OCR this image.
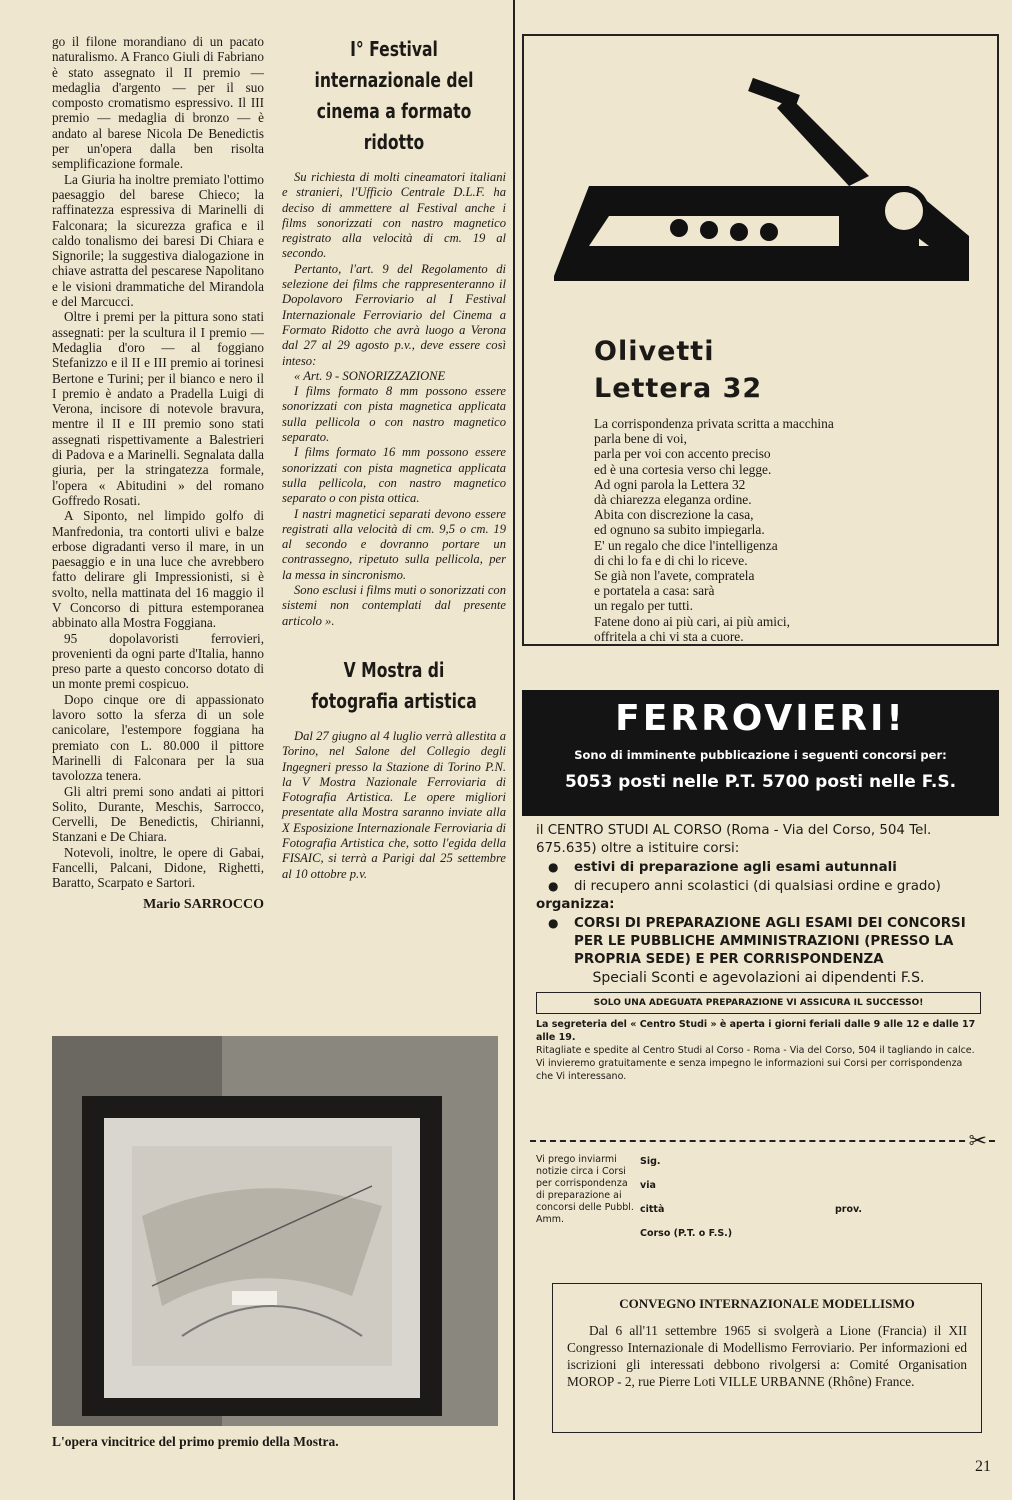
go il filone morandiano di un pacato naturalismo. A Franco Giuli di Fabriano è stato assegnato il II premio — medaglia d'argento — per il suo composto cromatismo espressivo. Il III premio — medaglia di bronzo — è andato al barese Nicola De Benedictis per un'opera dalla ben risolta semplificazione formale.

La Giuria ha inoltre premiato l'ottimo paesaggio del barese Chieco; la raffinatezza espressiva di Marinelli di Falconara; la sicurezza grafica e il caldo tonalismo dei baresi Di Chiara e Signorile; la suggestiva dialogazione in chiave astratta del pescarese Napolitano e le visioni drammatiche del Mirandola e del Marcucci.

Oltre i premi per la pittura sono stati assegnati: per la scultura il I premio — Medaglia d'oro — al foggiano Stefanizzo e il II e III premio ai torinesi Bertone e Turini; per il bianco e nero il I premio è andato a Pradella Luigi di Verona, incisore di notevole bravura, mentre il II e III premio sono stati assegnati rispettivamente a Balestrieri di Padova e a Marinelli. Segnalata dalla giuria, per la stringatezza formale, l'opera « Abitudini » del romano Goffredo Rosati.

A Siponto, nel limpido golfo di Manfredonia, tra contorti ulivi e balze erbose digradanti verso il mare, in un paesaggio e in una luce che avrebbero fatto delirare gli Impressionisti, si è svolto, nella mattinata del 16 maggio il V Concorso di pittura estemporanea abbinato alla Mostra Foggiana.

95 dopolavoristi ferrovieri, provenienti da ogni parte d'Italia, hanno preso parte a questo concorso dotato di un monte premi cospicuo.

Dopo cinque ore di appassionato lavoro sotto la sferza di un sole canicolare, l'estempore foggiana ha premiato con L. 80.000 il pittore Marinelli di Falconara per la sua tavolozza tenera.

Gli altri premi sono andati ai pittori Solito, Durante, Meschis, Sarrocco, Cervelli, De Benedictis, Chirianni, Stanzani e De Chiara.

Notevoli, inoltre, le opere di Gabai, Fancelli, Palcani, Didone, Righetti, Baratto, Scarpato e Sartori.

Mario SARROCCO
I° Festival internazionale del cinema a formato ridotto

Su richiesta di molti cineamatori italiani e stranieri, l'Ufficio Centrale D.L.F. ha deciso di ammettere al Festival anche i films sonorizzati con nastro magnetico registrato alla velocità di cm. 19 al secondo.

Pertanto, l'art. 9 del Regolamento di selezione dei films che rappresenteranno il Dopolavoro Ferroviario al I Festival Internazionale Ferroviario del Cinema a Formato Ridotto che avrà luogo a Verona dal 27 al 29 agosto p.v., deve essere così inteso:

« Art. 9 - SONORIZZAZIONE

I films formato 8 mm possono essere sonorizzati con pista magnetica applicata sulla pellicola o con nastro magnetico separato.

I films formato 16 mm possono essere sonorizzati con pista magnetica applicata sulla pellicola, con nastro magnetico separato o con pista ottica.

I nastri magnetici separati devono essere registrati alla velocità di cm. 9,5 o cm. 19 al secondo e dovranno portare un contrassegno, ripetuto sulla pellicola, per la messa in sincronismo.

Sono esclusi i films muti o sonorizzati con sistemi non contemplati dal presente articolo ».

V Mostra di fotografia artistica

Dal 27 giugno al 4 luglio verrà allestita a Torino, nel Salone del Collegio degli Ingegneri presso la Stazione di Torino P.N. la V Mostra Nazionale Ferroviaria di Fotografia Artistica. Le opere migliori presentate alla Mostra saranno inviate alla X Esposizione Internazionale Ferroviaria di Fotografia Artistica che, sotto l'egida della FISAIC, si terrà a Parigi dal 25 settembre al 10 ottobre p.v.

Olivetti
Lettera 32
La corrispondenza privata scritta a macchina
parla bene di voi,
parla per voi con accento preciso
ed è una cortesia verso chi legge.
Ad ogni parola la Lettera 32
dà chiarezza eleganza ordine.
Abita con discrezione la casa,
ed ognuno sa subito impiegarla.
E' un regalo che dice l'intelligenza
di chi lo fa e di chi lo riceve.
Se già non l'avete, compratela
e portatela a casa: sarà
un regalo per tutti.
Fatene dono ai più cari, ai più amici,
offritela a chi vi sta a cuore.
FERROVIERI!
Sono di imminente pubblicazione i seguenti concorsi per:
5053 posti nelle P.T. 5700 posti nelle F.S.

il CENTRO STUDI AL CORSO (Roma - Via del Corso, 504 Tel. 675.635) oltre a istituire corsi:

● estivi di preparazione agli esami autunnali

● di recupero anni scolastici (di qualsiasi ordine e grado)

organizza:

● CORSI DI PREPARAZIONE AGLI ESAMI DEI CONCORSI PER LE PUBBLICHE AMMINISTRAZIONI (PRESSO LA PROPRIA SEDE) E PER CORRISPONDENZA

Speciali Sconti e agevolazioni ai dipendenti F.S.

SOLO UNA ADEGUATA PREPARAZIONE VI ASSICURA IL SUCCESSO!

La segreteria del « Centro Studi » è aperta i giorni feriali dalle 9 alle 12 e dalle 17 alle 19.

Ritagliate e spedite al Centro Studi al Corso - Roma - Via del Corso, 504 il tagliando in calce. Vi invieremo gratuitamente e senza impegno le informazioni sui Corsi per corrispondenza che Vi interessano.

✂
Vi prego inviarmi notizie circa i Corsi per corrispondenza di preparazione ai concorsi delle Pubbl. Amm.
Sig.
via
città	prov.
Corso (P.T. o F.S.)
CONVEGNO INTERNAZIONALE MODELLISMO

Dal 6 all'11 settembre 1965 si svolgerà a Lione (Francia) il XII Congresso Internazionale di Modellismo Ferroviario. Per informazioni ed iscrizioni gli interessati debbono rivolgersi a: Comité Organisation MOROP - 2, rue Pierre Loti VILLE URBANNE (Rhône) France.

L'opera vincitrice del primo premio della Mostra.
21
